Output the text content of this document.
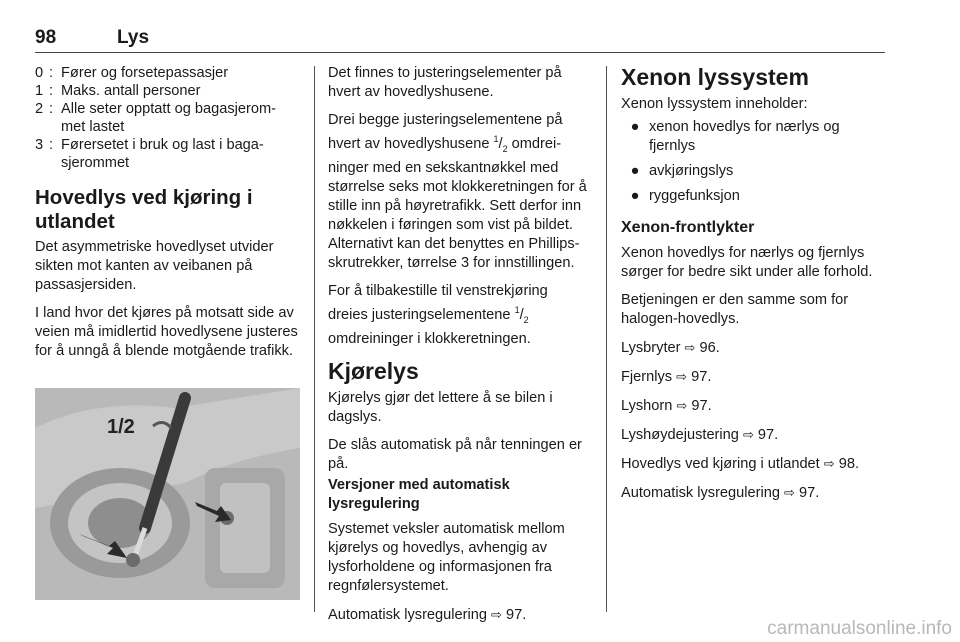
98	Lys
0 : Fører og forsetepassasjer
1 : Maks. antall personer
2 : Alle seter opptatt og bagasjerom-met lastet
3 : Førersetet i bruk og last i baga-sjerommet
Hovedlys ved kjøring i utlandet

Det asymmetriske hovedlyset utvider sikten mot kanten av veibanen på passasjersiden.

I land hvor det kjøres på motsatt side av veien må imidlertid hovedlysene justeres for å unngå å blende motgående trafikk.

1/2

Det finnes to justeringselementer på hvert av hovedlyshusene.

Drei begge justeringselementene på hvert av hovedlyshusene $^1/_2$ omdrei-ninger med en sekskantnøkkel med størrelse seks mot klokkeretningen for å stille inn på høyretrafikk. Sett derfor inn nøkkelen i føringen som vist på bildet. Alternativt kan det benyttes en Phillips-skrutrekker, tørrelse 3 for innstillingen.

For å tilbakestille til venstrekjøring dreies justeringselementene $^1/_2$ omdreininger i klokkeretningen.

Kjørelys

Kjørelys gjør det lettere å se bilen i dagslys.

De slås automatisk på når tenningen er på.

Versjoner med automatisk lysregulering

Systemet veksler automatisk mellom kjørelys og hovedlys, avhengig av lysforholdene og informasjonen fra regnfølersystemet.

Automatisk lysregulering ⇨ 97.

Xenon lyssystem

Xenon lyssystem inneholder:

● xenon hovedlys for nærlys og fjernlys
● avkjøringslys
● ryggefunksjon
Xenon-frontlykter

Xenon hovedlys for nærlys og fjernlys sørger for bedre sikt under alle forhold.

Betjeningen er den samme som for halogen-hovedlys.

Lysbryter ⇨ 96.

Fjernlys ⇨ 97.

Lyshorn ⇨ 97.

Lyshøydejustering ⇨ 97.

Hovedlys ved kjøring i utlandet ⇨ 98.

Automatisk lysregulering ⇨ 97.

carmanualsonline.info
